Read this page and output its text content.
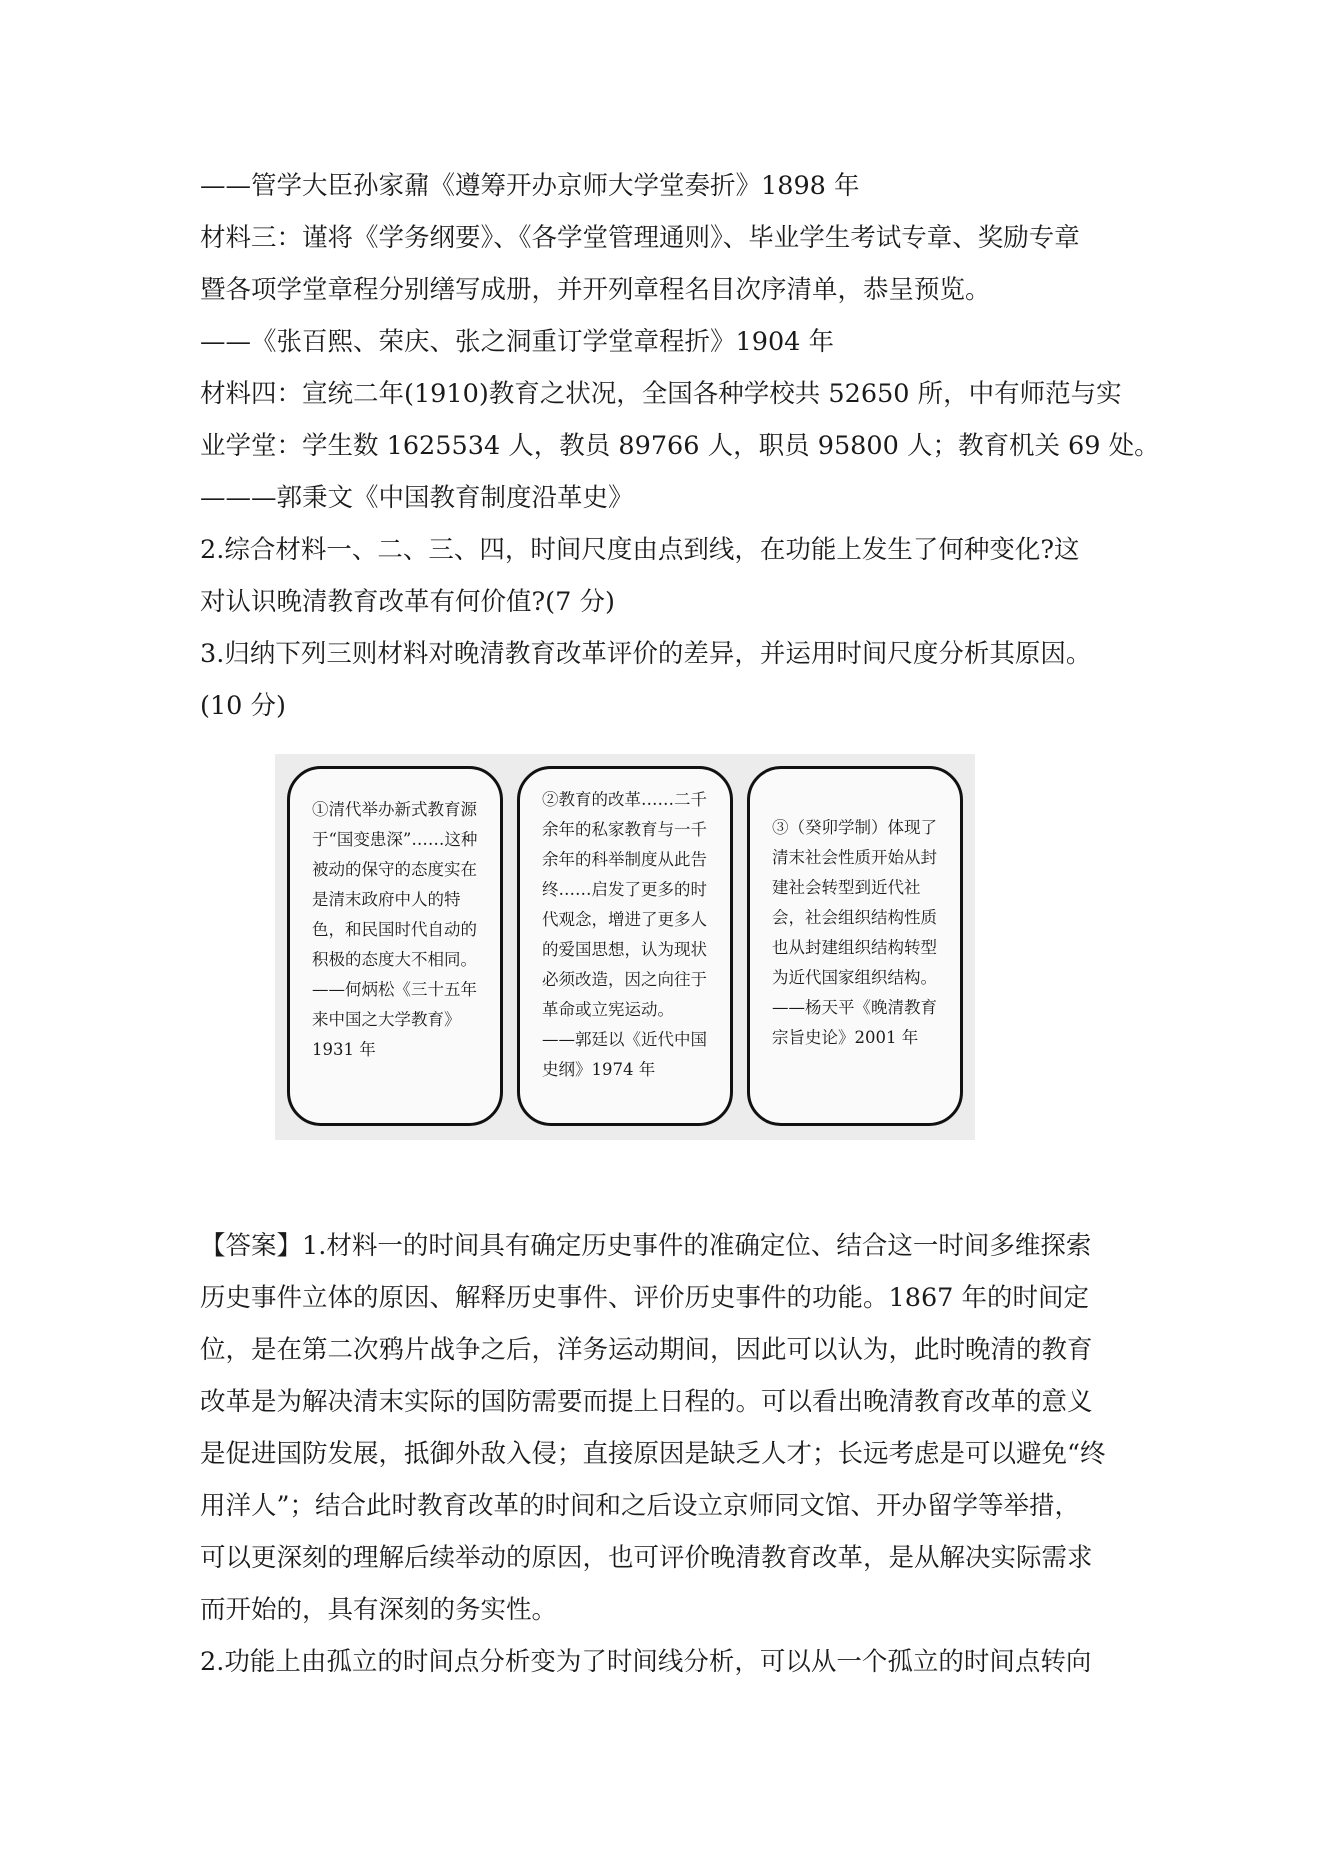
——管学大臣孙家鼐《遵筹开办京师大学堂奏折》1898 年
材料三：谨将《学务纲要》、《各学堂管理通则》、毕业学生考试专章、奖励专章
暨各项学堂章程分别缮写成册，并开列章程名目次序清单，恭呈预览。
——《张百熙、荣庆、张之洞重订学堂章程折》1904 年
材料四：宣统二年(1910)教育之状况，全国各种学校共 52650 所，中有师范与实
业学堂：学生数 1625534 人，教员 89766 人，职员 95800 人；教育机关 69 处。
———郭秉文《中国教育制度沿革史》
2.综合材料一、二、三、四，时间尺度由点到线，在功能上发生了何种变化?这
对认识晚清教育改革有何价值?(7 分)
3.归纳下列三则材料对晚清教育改革评价的差异，并运用时间尺度分析其原因。
(10 分)
①清代举办新式教育源
于“国变患深”……这种
被动的保守的态度实在
是清末政府中人的特
色，和民国时代自动的
积极的态度大不相同。
——何炳松《三十五年
来中国之大学教育》
1931 年
②教育的改革……二千
余年的私家教育与一千
余年的科举制度从此告
终……启发了更多的时
代观念，增进了更多人
的爱国思想，认为现状
必须改造，因之向往于
革命或立宪运动。
——郭廷以《近代中国
史纲》1974 年
③（癸卯学制）体现了
清末社会性质开始从封
建社会转型到近代社
会，社会组织结构性质
也从封建组织结构转型
为近代国家组织结构。
——杨天平《晚清教育
宗旨史论》2001 年
【答案】1.材料一的时间具有确定历史事件的准确定位、结合这一时间多维探索
历史事件立体的原因、解释历史事件、评价历史事件的功能。1867 年的时间定
位，是在第二次鸦片战争之后，洋务运动期间，因此可以认为，此时晚清的教育
改革是为解决清末实际的国防需要而提上日程的。可以看出晚清教育改革的意义
是促进国防发展，抵御外敌入侵；直接原因是缺乏人才；长远考虑是可以避免“终
用洋人”；结合此时教育改革的时间和之后设立京师同文馆、开办留学等举措，
可以更深刻的理解后续举动的原因，也可评价晚清教育改革，是从解决实际需求
而开始的，具有深刻的务实性。
2.功能上由孤立的时间点分析变为了时间线分析，可以从一个孤立的时间点转向
